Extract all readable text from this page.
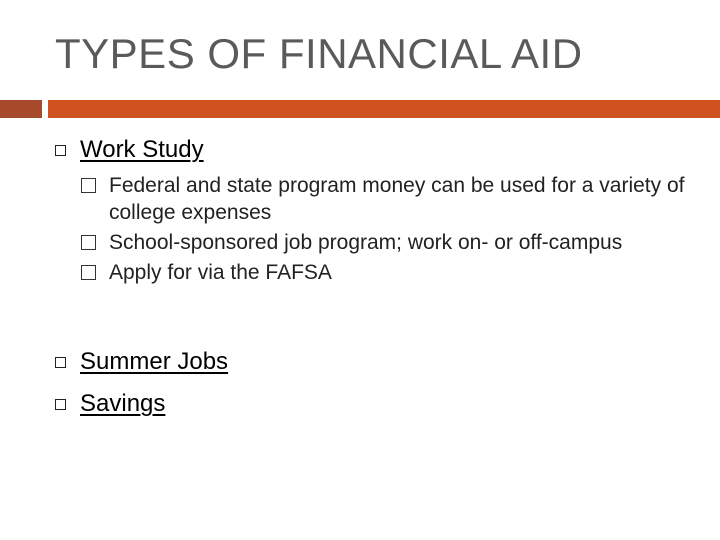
TYPES OF FINANCIAL AID
Work Study
Federal and state program money can be used for a variety of college expenses
School-sponsored job program; work on- or off-campus
Apply for via the FAFSA
Summer Jobs
Savings
